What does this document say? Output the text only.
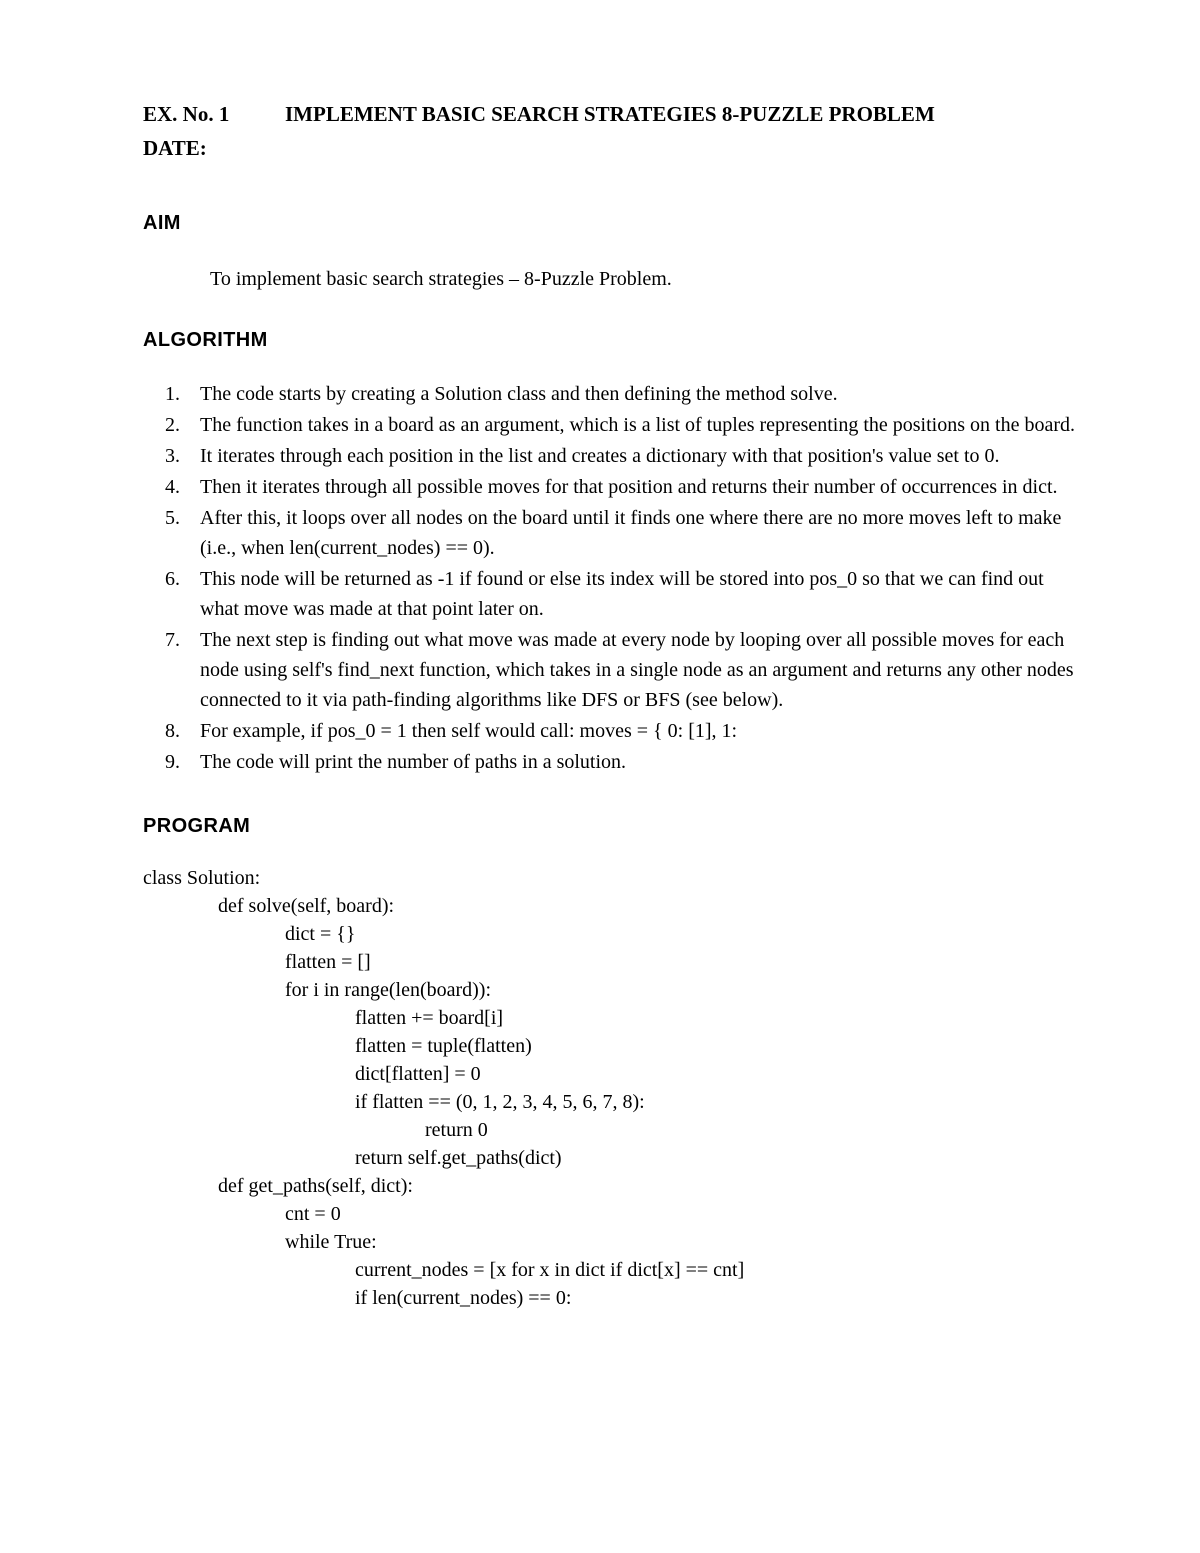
EX. No. 1	IMPLEMENT BASIC SEARCH STRATEGIES 8-PUZZLE PROBLEM
DATE:
AIM

To implement basic search strategies – 8-Puzzle Problem.

ALGORITHM
1.	The code starts by creating a Solution class and then defining the method solve.
2.	The function takes in a board as an argument, which is a list of tuples representing the positions on the board.
3.	It iterates through each position in the list and creates a dictionary with that position's value set to 0.
4.	Then it iterates through all possible moves for that position and returns their number of occurrences in dict.
5.	After this, it loops over all nodes on the board until it finds one where there are no more moves left to make (i.e., when len(current_nodes) == 0).
6.	This node will be returned as -1 if found or else its index will be stored into pos_0 so that we can find out what move was made at that point later on.
7.	The next step is finding out what move was made at every node by looping over all possible moves for each node using self's find_next function, which takes in a single node as an argument and returns any other nodes connected to it via path-finding algorithms like DFS or BFS (see below).
8.	For example, if pos_0 = 1 then self would call: moves = { 0: [1], 1:
9.	The code will print the number of paths in a solution.
PROGRAM
class Solution:
def solve(self, board):
dict = {}
flatten = []
for i in range(len(board)):
flatten += board[i]
flatten = tuple(flatten)
dict[flatten] = 0
if flatten == (0, 1, 2, 3, 4, 5, 6, 7, 8):
return 0
return self.get_paths(dict)
def get_paths(self, dict):
cnt = 0
while True:
current_nodes = [x for x in dict if dict[x] == cnt]
if len(current_nodes) == 0:
